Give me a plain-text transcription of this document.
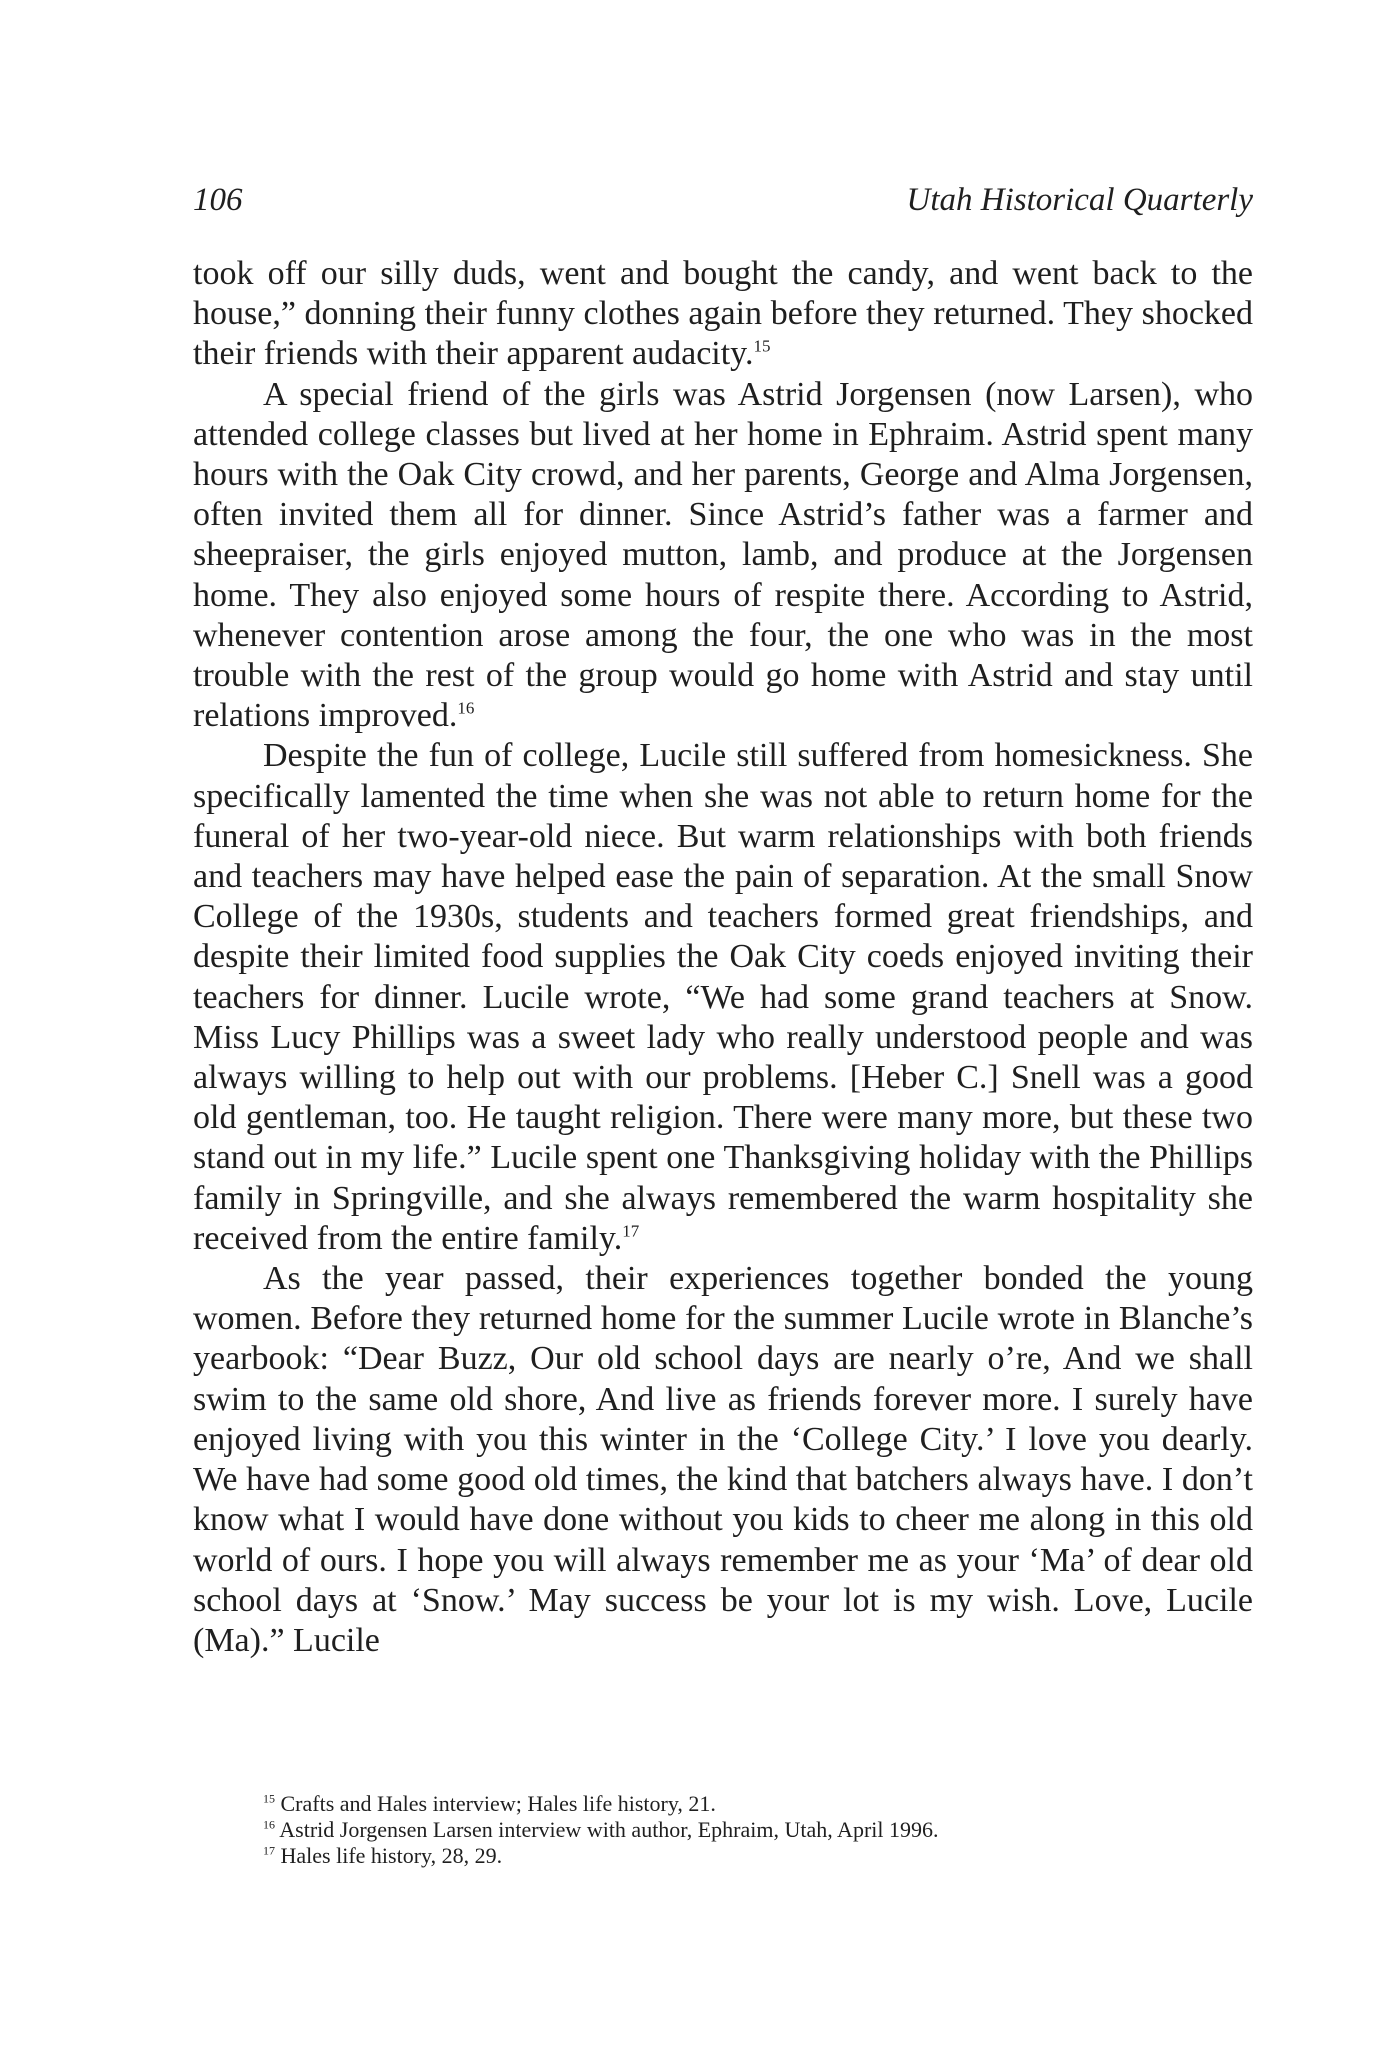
106	Utah Historical Quarterly

took off our silly duds, went and bought the candy, and went back to the house,” donning their funny clothes again before they returned. They shocked their friends with their apparent audacity.$^{15}$

A special friend of the girls was Astrid Jorgensen (now Larsen), who attended college classes but lived at her home in Ephraim. Astrid spent many hours with the Oak City crowd, and her parents, George and Alma Jorgensen, often invited them all for dinner. Since Astrid’s father was a farmer and sheepraiser, the girls enjoyed mutton, lamb, and produce at the Jorgensen home. They also enjoyed some hours of respite there. According to Astrid, whenever contention arose among the four, the one who was in the most trouble with the rest of the group would go home with Astrid and stay until relations improved.$^{16}$

Despite the fun of college, Lucile still suffered from homesickness. She specifically lamented the time when she was not able to return home for the funeral of her two-year-old niece. But warm relationships with both friends and teachers may have helped ease the pain of separation. At the small Snow College of the 1930s, students and teachers formed great friendships, and despite their limited food supplies the Oak City coeds enjoyed inviting their teachers for dinner. Lucile wrote, “We had some grand teachers at Snow. Miss Lucy Phillips was a sweet lady who really understood people and was always willing to help out with our problems. [Heber C.] Snell was a good old gentleman, too. He taught religion. There were many more, but these two stand out in my life.” Lucile spent one Thanksgiving holiday with the Phillips family in Springville, and she always remembered the warm hospitality she received from the entire family.$^{17}$

As the year passed, their experiences together bonded the young women. Before they returned home for the summer Lucile wrote in Blanche’s yearbook: “Dear Buzz, Our old school days are nearly o’re, And we shall swim to the same old shore, And live as friends forever more. I surely have enjoyed living with you this winter in the ‘College City.’ I love you dearly. We have had some good old times, the kind that batchers always have. I don’t know what I would have done without you kids to cheer me along in this old world of ours. I hope you will always remember me as your ‘Ma’ of dear old school days at ‘Snow.’ May success be your lot is my wish. Love, Lucile (Ma).” Lucile

$^{15}$ Crafts and Hales interview; Hales life history, 21.

$^{16}$ Astrid Jorgensen Larsen interview with author, Ephraim, Utah, April 1996.

$^{17}$ Hales life history, 28, 29.
